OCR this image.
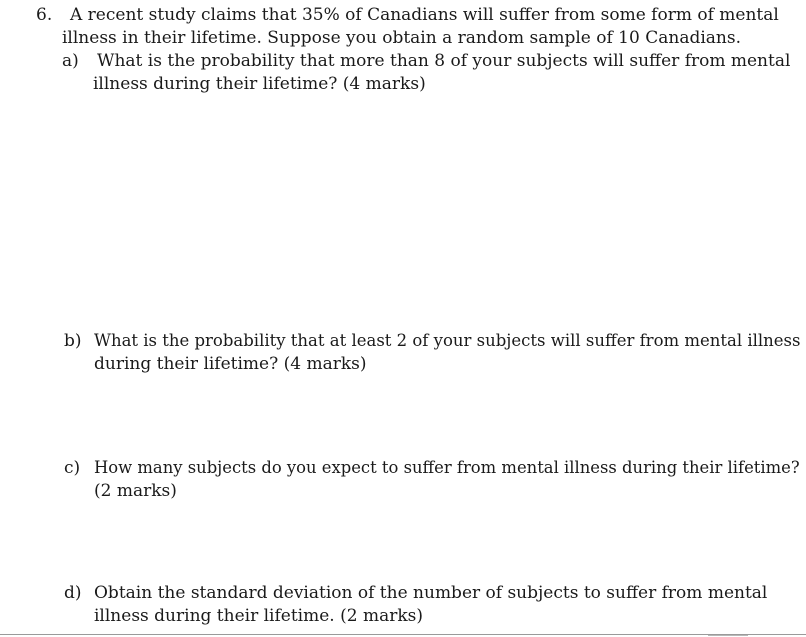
6. A recent study claims that 35% of Canadians will suffer from some form of mental
illness in their lifetime. Suppose you obtain a random sample of 10 Canadians.
a) What is the probability that more than 8 of your subjects will suffer from mental
illness during their lifetime? (4 marks)
b) What is the probability that at least 2 of your subjects will suffer from mental illness
during their lifetime? (4 marks)
c) How many subjects do you expect to suffer from mental illness during their lifetime?
(2 marks)
d) Obtain the standard deviation of the number of subjects to suffer from mental
illness during their lifetime. (2 marks)
